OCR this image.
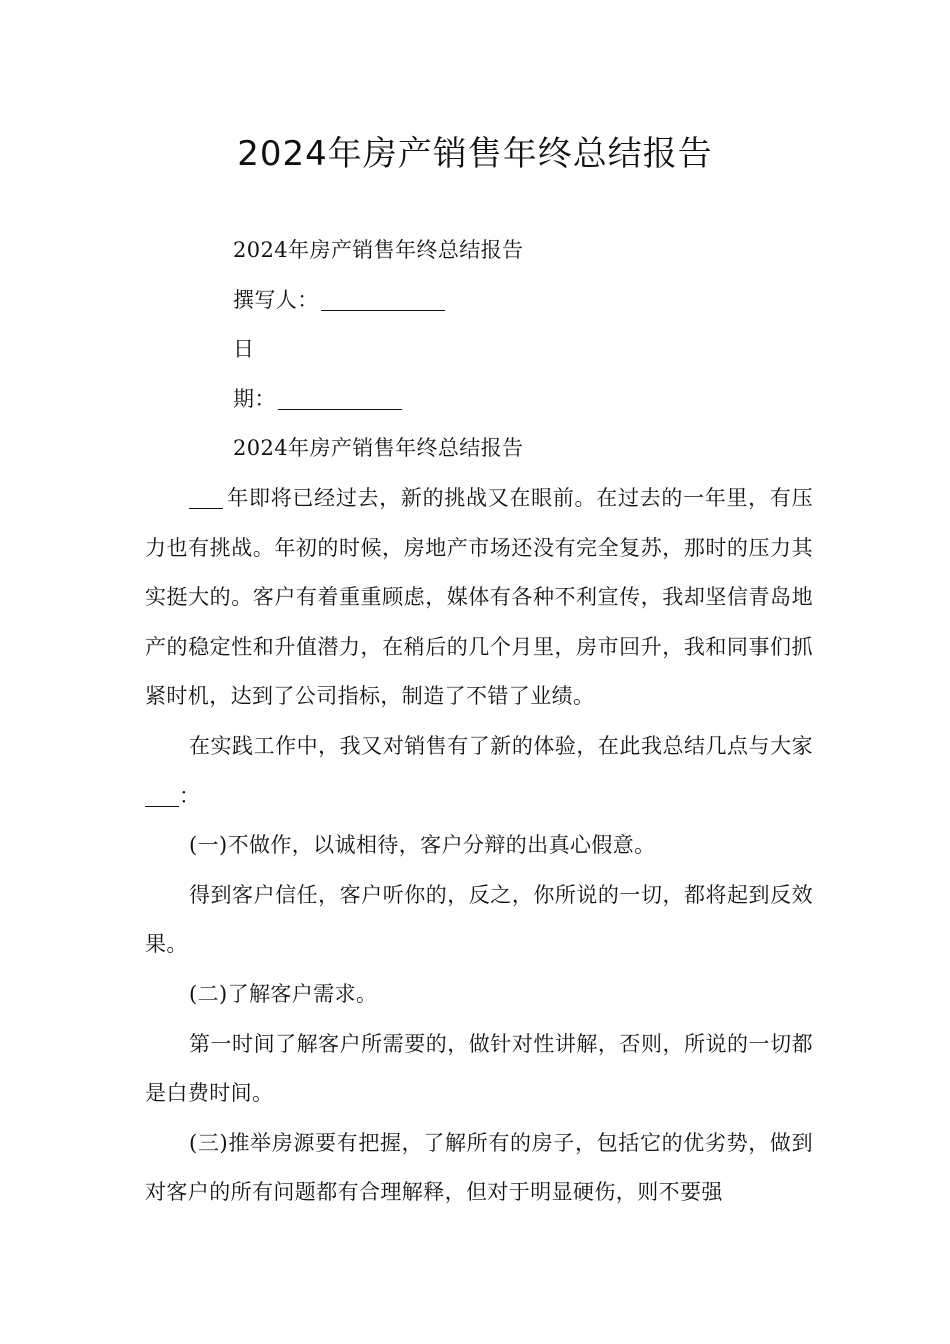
2024年房产销售年终总结报告

2024年房产销售年终总结报告

撰写人：

日

期：

2024年房产销售年终总结报告

年即将已经过去，新的挑战又在眼前。在过去的一年里，有压力也有挑战。年初的时候，房地产市场还没有完全复苏，那时的压力其实挺大的。客户有着重重顾虑，媒体有各种不利宣传，我却坚信青岛地产的稳定性和升值潜力，在稍后的几个月里，房市回升，我和同事们抓紧时机，达到了公司指标，制造了不错了业绩。

在实践工作中，我又对销售有了新的体验，在此我总结几点与大家：

(一)不做作，以诚相待，客户分辩的出真心假意。

得到客户信任，客户听你的，反之，你所说的一切，都将起到反效果。

(二)了解客户需求。

第一时间了解客户所需要的，做针对性讲解，否则，所说的一切都是白费时间。

(三)推举房源要有把握，了解所有的房子，包括它的优劣势，做到对客户的所有问题都有合理解释，但对于明显硬伤，则不要强
